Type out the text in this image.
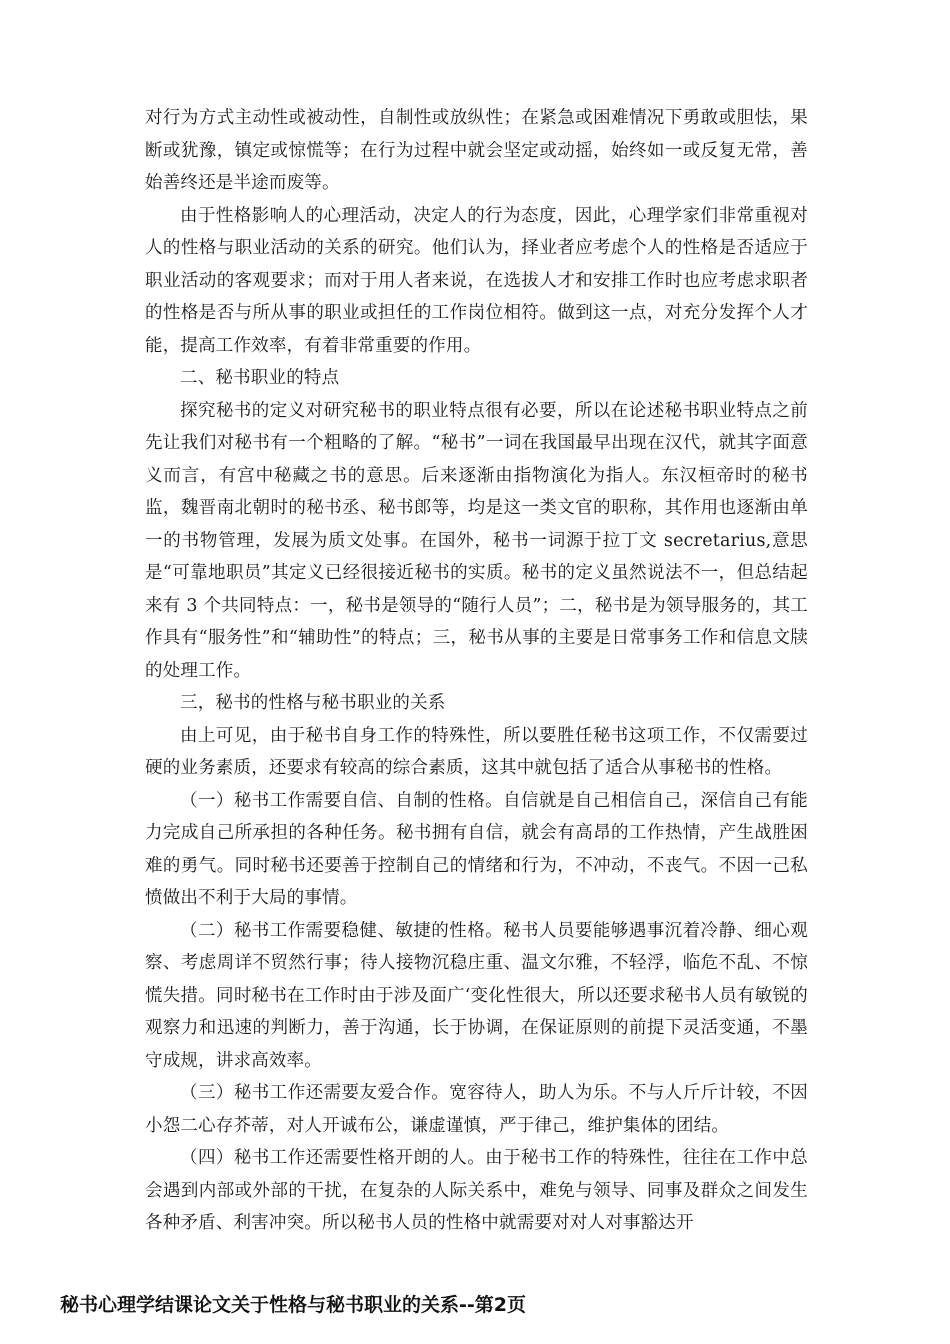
对行为方式主动性或被动性，自制性或放纵性；在紧急或困难情况下勇敢或胆怯，果断或犹豫，镇定或惊慌等；在行为过程中就会坚定或动摇，始终如一或反复无常，善始善终还是半途而废等。

由于性格影响人的心理活动，决定人的行为态度，因此，心理学家们非常重视对人的性格与职业活动的关系的研究。他们认为，择业者应考虑个人的性格是否适应于职业活动的客观要求；而对于用人者来说，在选拔人才和安排工作时也应考虑求职者的性格是否与所从事的职业或担任的工作岗位相符。做到这一点，对充分发挥个人才能，提高工作效率，有着非常重要的作用。

二、秘书职业的特点

探究秘书的定义对研究秘书的职业特点很有必要，所以在论述秘书职业特点之前先让我们对秘书有一个粗略的了解。“秘书”一词在我国最早出现在汉代，就其字面意义而言，有宫中秘藏之书的意思。后来逐渐由指物演化为指人。东汉桓帝时的秘书监，魏晋南北朝时的秘书丞、秘书郎等，均是这一类文官的职称，其作用也逐渐由单一的书物管理，发展为质文处事。在国外，秘书一词源于拉丁文 secretarius,意思是“可靠地职员”其定义已经很接近秘书的实质。秘书的定义虽然说法不一，但总结起来有 3 个共同特点：一，秘书是领导的“随行人员”；二，秘书是为领导服务的，其工作具有“服务性”和“辅助性”的特点；三，秘书从事的主要是日常事务工作和信息文牍的处理工作。

三，秘书的性格与秘书职业的关系

由上可见，由于秘书自身工作的特殊性，所以要胜任秘书这项工作，不仅需要过硬的业务素质，还要求有较高的综合素质，这其中就包括了适合从事秘书的性格。

（一）秘书工作需要自信、自制的性格。自信就是自己相信自己，深信自己有能力完成自己所承担的各种任务。秘书拥有自信，就会有高昂的工作热情，产生战胜困难的勇气。同时秘书还要善于控制自己的情绪和行为，不冲动，不丧气。不因一己私愤做出不利于大局的事情。

（二）秘书工作需要稳健、敏捷的性格。秘书人员要能够遇事沉着冷静、细心观察、考虑周详不贸然行事；待人接物沉稳庄重、温文尔雅，不轻浮，临危不乱、不惊慌失措。同时秘书在工作时由于涉及面广‘变化性很大，所以还要求秘书人员有敏锐的观察力和迅速的判断力，善于沟通，长于协调，在保证原则的前提下灵活变通，不墨守成规，讲求高效率。

（三）秘书工作还需要友爱合作。宽容待人，助人为乐。不与人斤斤计较，不因小怨二心存芥蒂，对人开诚布公，谦虚谨慎，严于律己，维护集体的团结。

（四）秘书工作还需要性格开朗的人。由于秘书工作的特殊性，往往在工作中总会遇到内部或外部的干扰，在复杂的人际关系中，难免与领导、同事及群众之间发生各种矛盾、利害冲突。所以秘书人员的性格中就需要对对人对事豁达开

秘书心理学结课论文关于性格与秘书职业的关系--第2页
